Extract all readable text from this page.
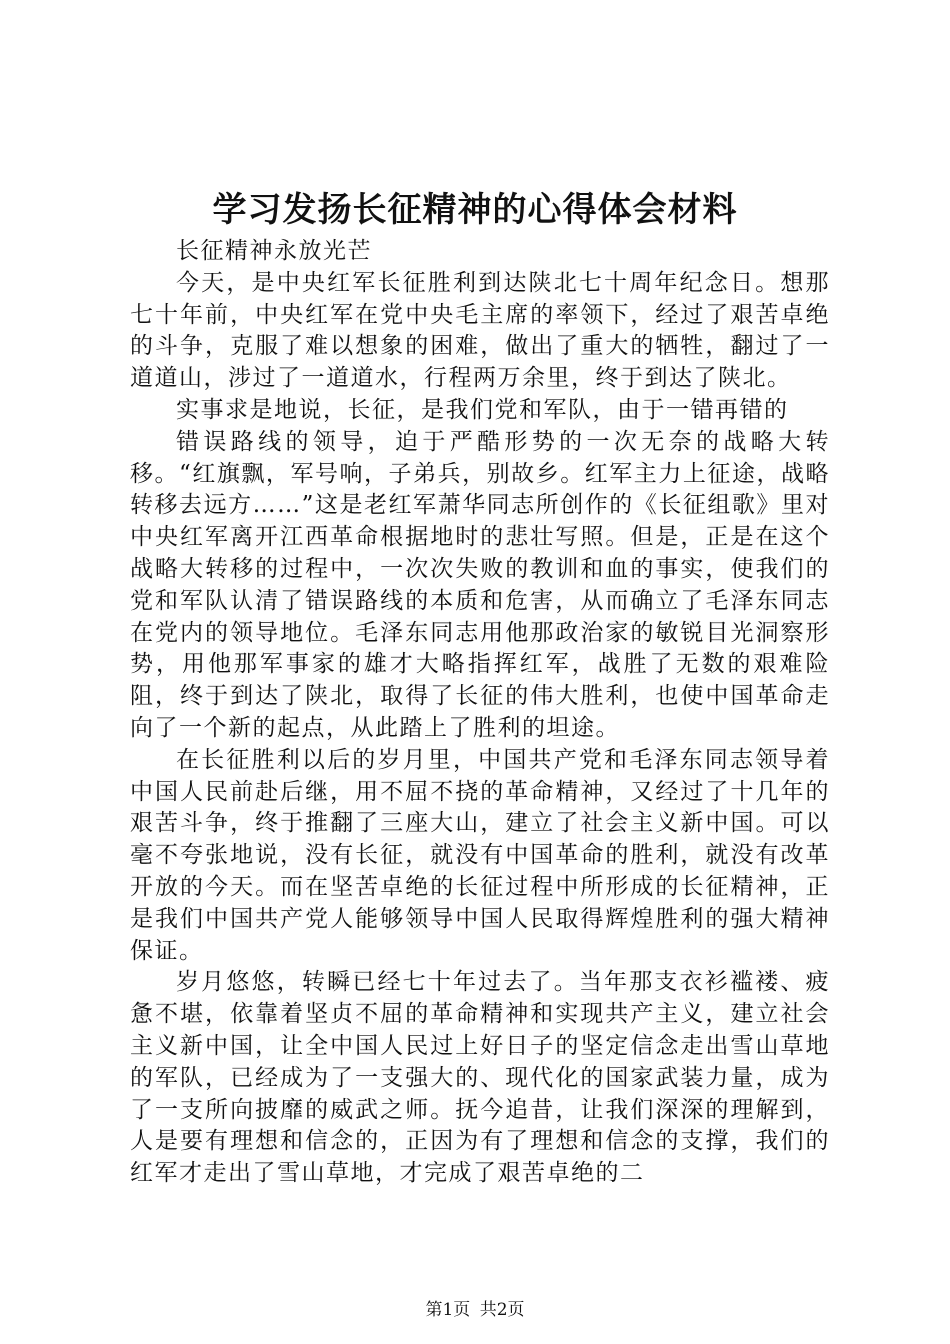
学习发扬长征精神的心得体会材料

长征精神永放光芒

今天，是中央红军长征胜利到达陕北七十周年纪念日。想那七十年前，中央红军在党中央毛主席的率领下，经过了艰苦卓绝的斗争，克服了难以想象的困难，做出了重大的牺牲，翻过了一道道山，涉过了一道道水，行程两万余里，终于到达了陕北。

实事求是地说，长征，是我们党和军队，由于一错再错的

错误路线的领导，迫于严酷形势的一次无奈的战略大转移。“红旗飘，军号响，子弟兵，别故乡。红军主力上征途，战略转移去远方……”这是老红军萧华同志所创作的《长征组歌》里对中央红军离开江西革命根据地时的悲壮写照。但是，正是在这个战略大转移的过程中，一次次失败的教训和血的事实，使我们的党和军队认清了错误路线的本质和危害，从而确立了毛泽东同志在党内的领导地位。毛泽东同志用他那政治家的敏锐目光洞察形势，用他那军事家的雄才大略指挥红军，战胜了无数的艰难险阻，终于到达了陕北，取得了长征的伟大胜利，也使中国革命走向了一个新的起点，从此踏上了胜利的坦途。

在长征胜利以后的岁月里，中国共产党和毛泽东同志领导着中国人民前赴后继，用不屈不挠的革命精神，又经过了十几年的艰苦斗争，终于推翻了三座大山，建立了社会主义新中国。可以毫不夸张地说，没有长征，就没有中国革命的胜利，就没有改革开放的今天。而在坚苦卓绝的长征过程中所形成的长征精神，正是我们中国共产党人能够领导中国人民取得辉煌胜利的强大精神保证。

岁月悠悠，转瞬已经七十年过去了。当年那支衣衫褴褛、疲惫不堪，依靠着坚贞不屈的革命精神和实现共产主义，建立社会主义新中国，让全中国人民过上好日子的坚定信念走出雪山草地的军队，已经成为了一支强大的、现代化的国家武装力量，成为了一支所向披靡的威武之师。抚今追昔，让我们深深的理解到，人是要有理想和信念的，正因为有了理想和信念的支撑，我们的红军才走出了雪山草地，才完成了艰苦卓绝的二

第1页 共2页
